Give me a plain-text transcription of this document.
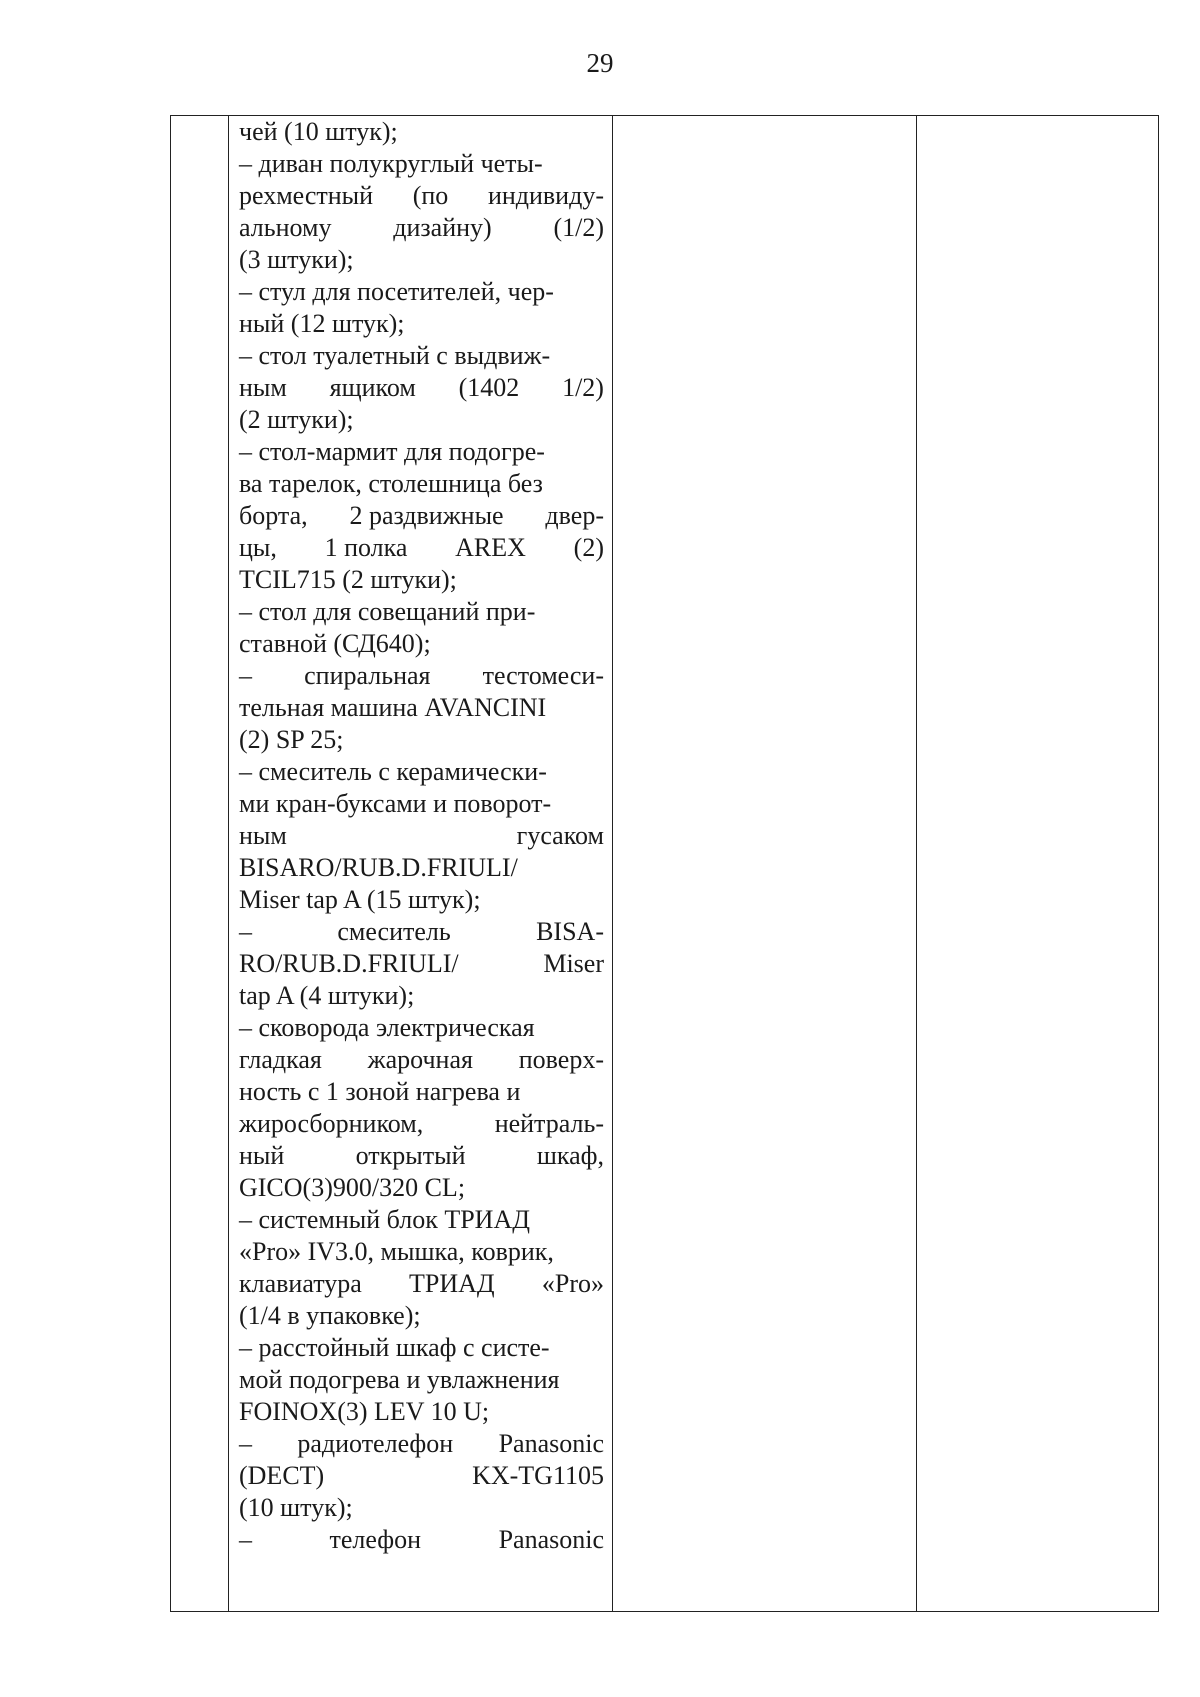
29

чей (10 штук);
– диван полукруглый четы-
рехместный (по индивиду-
альному дизайну) (1/2)
(3 штуки);
– стул для посетителей, чер-
ный (12 штук);
– стол туалетный с выдвиж-
ным ящиком (1402 1/2)
(2 штуки);
– стол-мармит для подогре-
ва тарелок, столешница без
борта, 2 раздвижные двер-
цы, 1 полка AREX (2)
TCIL715 (2 штуки);
– стол для совещаний при-
ставной (СД640);
– спиральная тестомеси-
тельная машина AVANCINI
(2) SP 25;
– смеситель с керамически-
ми кран-буксами и поворот-
ным	гусаком
BISARO/RUB.D.FRIULI/
Miser tap A (15 штук);
–	смеситель	BISA-
RO/RUB.D.FRIULI/	Miser
tap A (4 штуки);
– сковорода электрическая
гладкая жарочная поверх-
ность с 1 зоной нагрева и
жиросборником,	нейтраль-
ный	открытый	шкаф,
GICO(3)900/320 CL;
– системный блок ТРИАД
«Pro» IV3.0, мышка, коврик,
клавиатура ТРИАД «Pro»
(1/4 в упаковке);
– расстойный шкаф с систе-
мой подогрева и увлажнения
FOINOX(3) LEV 10 U;
– радиотелефон Panasonic
(DECT)	KX-TG1105
(10 штук);
–	телефон	Panasonic
